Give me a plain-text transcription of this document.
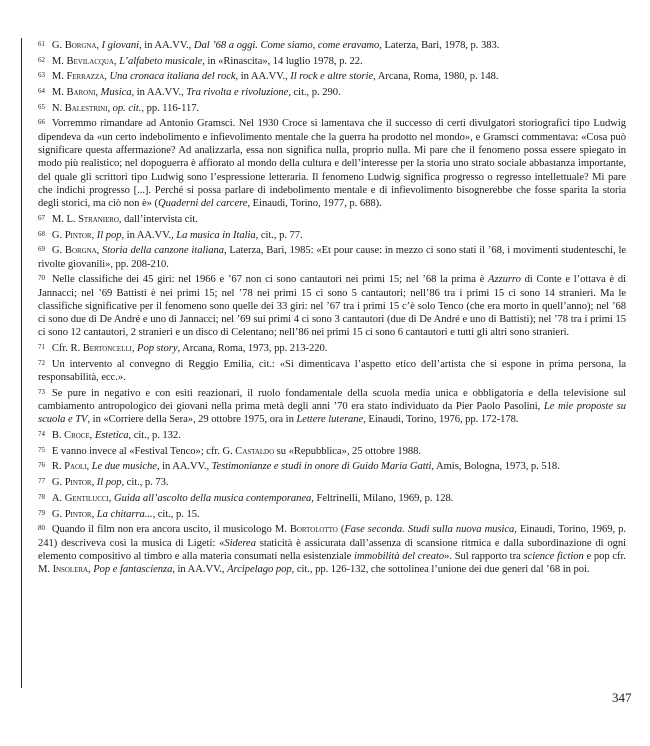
61 G. Borgna, I giovani, in AA.VV., Dal ’68 a oggi. Come siamo, come eravamo, Laterza, Bari, 1978, p. 383.
62 M. Bevilacqua, L’alfabeto musicale, in «Rinascita», 14 luglio 1978, p. 22.
63 M. Ferrazza, Una cronaca italiana del rock, in AA.VV., Il rock e altre storie, Arcana, Roma, 1980, p. 148.
64 M. Baroni, Musica, in AA.VV., Tra rivolta e rivoluzione, cit., p. 290.
65 N. Balestrini, op. cit., pp. 116-117.
66 Vorremmo rimandare ad Antonio Gramsci. Nel 1930 Croce si lamentava che il successo di certi divulgatori storiografici tipo Ludwig dipendeva da «un certo indebolimento e infievolimento mentale che la guerra ha prodotto nel mondo», e Gramsci commentava: «Cosa può significare questa affermazione? Ad analizzarla, essa non significa nulla, proprio nulla. Mi pare che il fenomeno possa essere spiegato in modo più realistico; nel dopoguerra è affiorato al mondo della cultura e dell’interesse per la storia uno strato sociale abbastanza importante, del quale gli scrittori tipo Ludwig sono l’espressione letteraria. Il fenomeno Ludwig significa progresso o regresso intellettuale? Mi pare che indichi progresso [...]. Perché si possa parlare di indebolimento mentale e di infievolimento bisognerebbe che fosse sparita la storia degli storici, ma ciò non è» (Quaderni del carcere, Einaudi, Torino, 1977, p. 688).
67 M. L. Straniero, dall’intervista cit.
68 G. Pintor, Il pop, in AA.VV., La musica in Italia, cit., p. 77.
69 G. Borgna, Storia della canzone italiana, Laterza, Bari, 1985: «Et pour cause: in mezzo ci sono stati il ’68, i movimenti studenteschi, le rivolte giovanili», pp. 208-210.
70 Nelle classifiche dei 45 giri: nel 1966 e ’67 non ci sono cantautori nei primi 15; nel ’68 la prima è Azzurro di Conte e l’ottava è di Jannacci; nel ’69 Battisti è nei primi 15; nel ’78 nei primi 15 ci sono 5 cantautori; nell’86 tra i primi 15 ci sono 14 stranieri. Ma le classifiche significative per il fenomeno sono quelle dei 33 giri: nel ’67 tra i primi 15 c’è solo Tenco (che era morto in quell’anno); nel ’68 ci sono due di De André e uno di Jannacci; nel ’69 sui primi 4 ci sono 3 cantautori (due di De André e uno di Battisti); nel ’78 tra i primi 15 ci sono 12 cantautori, 2 stranieri e un disco di Celentano; nell’86 nei primi 15 ci sono 6 cantautori e tutti gli altri sono stranieri.
71 Cfr. R. Bertoncelli, Pop story, Arcana, Roma, 1973, pp. 213-220.
72 Un intervento al convegno di Reggio Emilia, cit.: «Si dimenticava l’aspetto etico dell’artista che si espone in prima persona, la responsabilità, ecc.».
73 Se pure in negativo e con esiti reazionari, il ruolo fondamentale della scuola media unica e obbligatoria e della televisione sul cambiamento antropologico dei giovani nella prima metà degli anni ’70 era stato individuato da Pier Paolo Pasolini, Le mie proposte su scuola e TV, in «Corriere della Sera», 29 ottobre 1975, ora in Lettere luterane, Einaudi, Torino, 1976, pp. 172-178.
74 B. Croce, Estetica, cit., p. 132.
75 E vanno invece al «Festival Tenco»; cfr. G. Castaldo su «Repubblica», 25 ottobre 1988.
76 R. Paoli, Le due musiche, in AA.VV., Testimonianze e studi in onore di Guido Maria Gatti, Amis, Bologna, 1973, p. 518.
77 G. Pintor, Il pop, cit., p. 73.
78 A. Gentilucci, Guida all’ascolto della musica contemporanea, Feltrinelli, Milano, 1969, p. 128.
79 G. Pintor, La chitarra..., cit., p. 15.
80 Quando il film non era ancora uscito, il musicologo M. Bortolotto (Fase seconda. Studi sulla nuova musica, Einaudi, Torino, 1969, p. 241) descriveva così la musica di Ligeti: «Siderea staticità è assicurata dall’assenza di scansione ritmica e dalla subordinazione di ogni elemento compositivo al timbro e alla materia consumati nella esistenziale immobilità del creato». Sul rapporto tra science fiction e pop cfr. M. Insolera, Pop e fantascienza, in AA.VV., Arcipelago pop, cit., pp. 126-132, che sottolinea l’unione dei due generi dal ’68 in poi.
347
